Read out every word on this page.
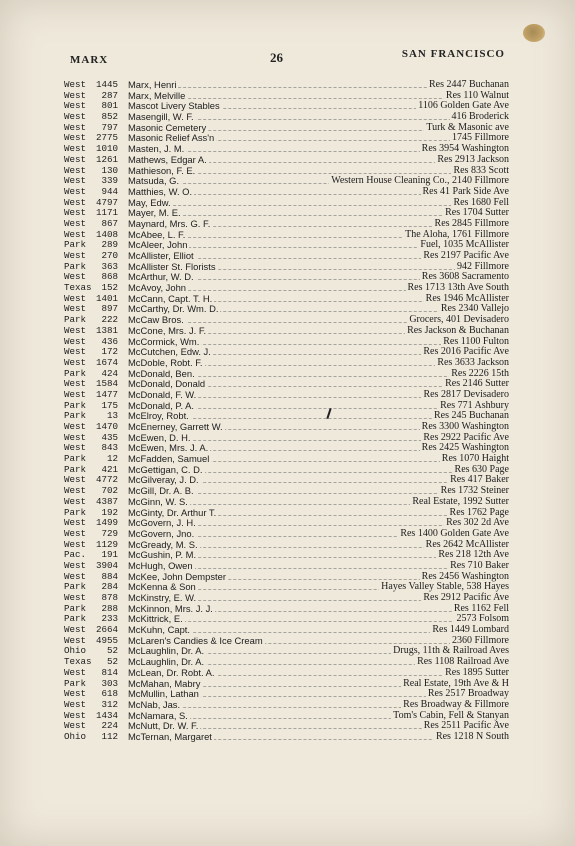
MARX	26	SAN FRANCISCO
West	1445 Marx, Henri	Res 2447 Buchanan
West	287 Marx, Melville	Res 110 Walnut
West	801 Mascot Livery Stables	1106 Golden Gate Ave
West	852 Masengill, W. F.	416 Broderick
West	797 Masonic Cemetery	Turk & Masonic ave
West	2775 Masonic Relief Ass'n	1745 Fillmore
West	1010 Masten, J. M.	Res 3954 Washington
West	1261 Mathews, Edgar A.	Res 2913 Jackson
West	130 Mathieson, F. E.	Res 833 Scott
West	339 Matsuda, G.	Western House Cleaning Co., 2140 Fillmore
West	944 Matthies, W. O.	Res 41 Park Side Ave
West	4797 May, Edw.	Res 1680 Fell
West	1171 Mayer, M. E.	Res 1704 Sutter
West	867 Maynard, Mrs. G. F.	Res 2845 Fillmore
West	1408 McAbee, L. F.	The Aloha, 1761 Fillmore
Park	289 McAleer, John	Fuel, 1035 McAllister
West	270 McAllister, Elliot	Res 2197 Pacific Ave
Park	363 McAllister St. Florists	942 Fillmore
West	868 McArthur, W. D.	Res 3608 Sacramento
Texas	152 McAvoy, John	Res 1713 13th Ave South
West	1401 McCann, Capt. T. H.	Res 1946 McAllister
West	897 McCarthy, Dr. Wm. D.	Res 2340 Vallejo
Park	222 McCaw Bros.	Grocers, 401 Devisadero
West	1381 McCone, Mrs. J. F.	Res Jackson & Buchanan
West	436 McCormick, Wm.	Res 1100 Fulton
West	172 McCutchen, Edw. J.	Res 2016 Pacific Ave
West	1674 McDoble, Robt. F.	Res 3633 Jackson
Park	424 McDonald, Ben.	Res 2226 15th
West	1584 McDonald, Donald	Res 2146 Sutter
West	1477 McDonald, F. W.	Res 2817 Devisadero
Park	175 McDonald, P. A.	Res 771 Ashbury
Park	13 McElroy, Robt.	Res 245 Buchanan
West	1470 McEnerney, Garrett W.	Res 3300 Washington
West	435 McEwen, D. H.	Res 2922 Pacific Ave
West	843 McEwen, Mrs. J. A.	Res 2425 Washington
Park	12 McFadden, Samuel	Res 1070 Haight
Park	421 McGettigan, C. D.	Res 630 Page
West	4772 McGilveray, J. D.	Res 417 Baker
West	702 McGill, Dr. A. B.	Res 1732 Steiner
West	4387 McGinn, W. S.	Real Estate, 1992 Sutter
Park	192 McGinty, Dr. Arthur T.	Res 1762 Page
West	1499 McGovern, J. H.	Res 302 2d Ave
West	729 McGovern, Jno.	Res 1400 Golden Gate Ave
West	1129 McGready, M. S.	Res 2642 McAllister
Pac.	191 McGushin, P. M.	Res 218 12th Ave
West	3904 McHugh, Owen	Res 710 Baker
West	884 McKee, John Dempster	Res 2456 Washington
Park	284 McKenna & Son	Hayes Valley Stable, 538 Hayes
West	878 McKinstry, E. W.	Res 2912 Pacific Ave
Park	288 McKinnon, Mrs. J. J.	Res 1162 Fell
Park	233 McKittrick, E.	2573 Folsom
West	2664 McKuhn, Capt.	Res 1449 Lombard
West	4955 McLaren's Candies & Ice Cream	2360 Fillmore
Ohio	52 McLaughlin, Dr. A.	Drugs, 11th & Railroad Aves
Texas	52 McLaughlin, Dr. A.	Res 1108 Railroad Ave
West	814 McLean, Dr. Robt. A.	Res 1895 Sutter
Park	303 McMahan, Mabry	Real Estate, 19th Ave & H
West	618 McMullin, Lathan	Res 2517 Broadway
West	312 McNab, Jas.	Res Broadway & Fillmore
West	1434 McNamara, S.	Tom's Cabin, Fell & Stanyan
West	224 McNutt, Dr. W. F.	Res 2511 Pacific Ave
Ohio	112 McTernan, Margaret	Res 1218 N South
